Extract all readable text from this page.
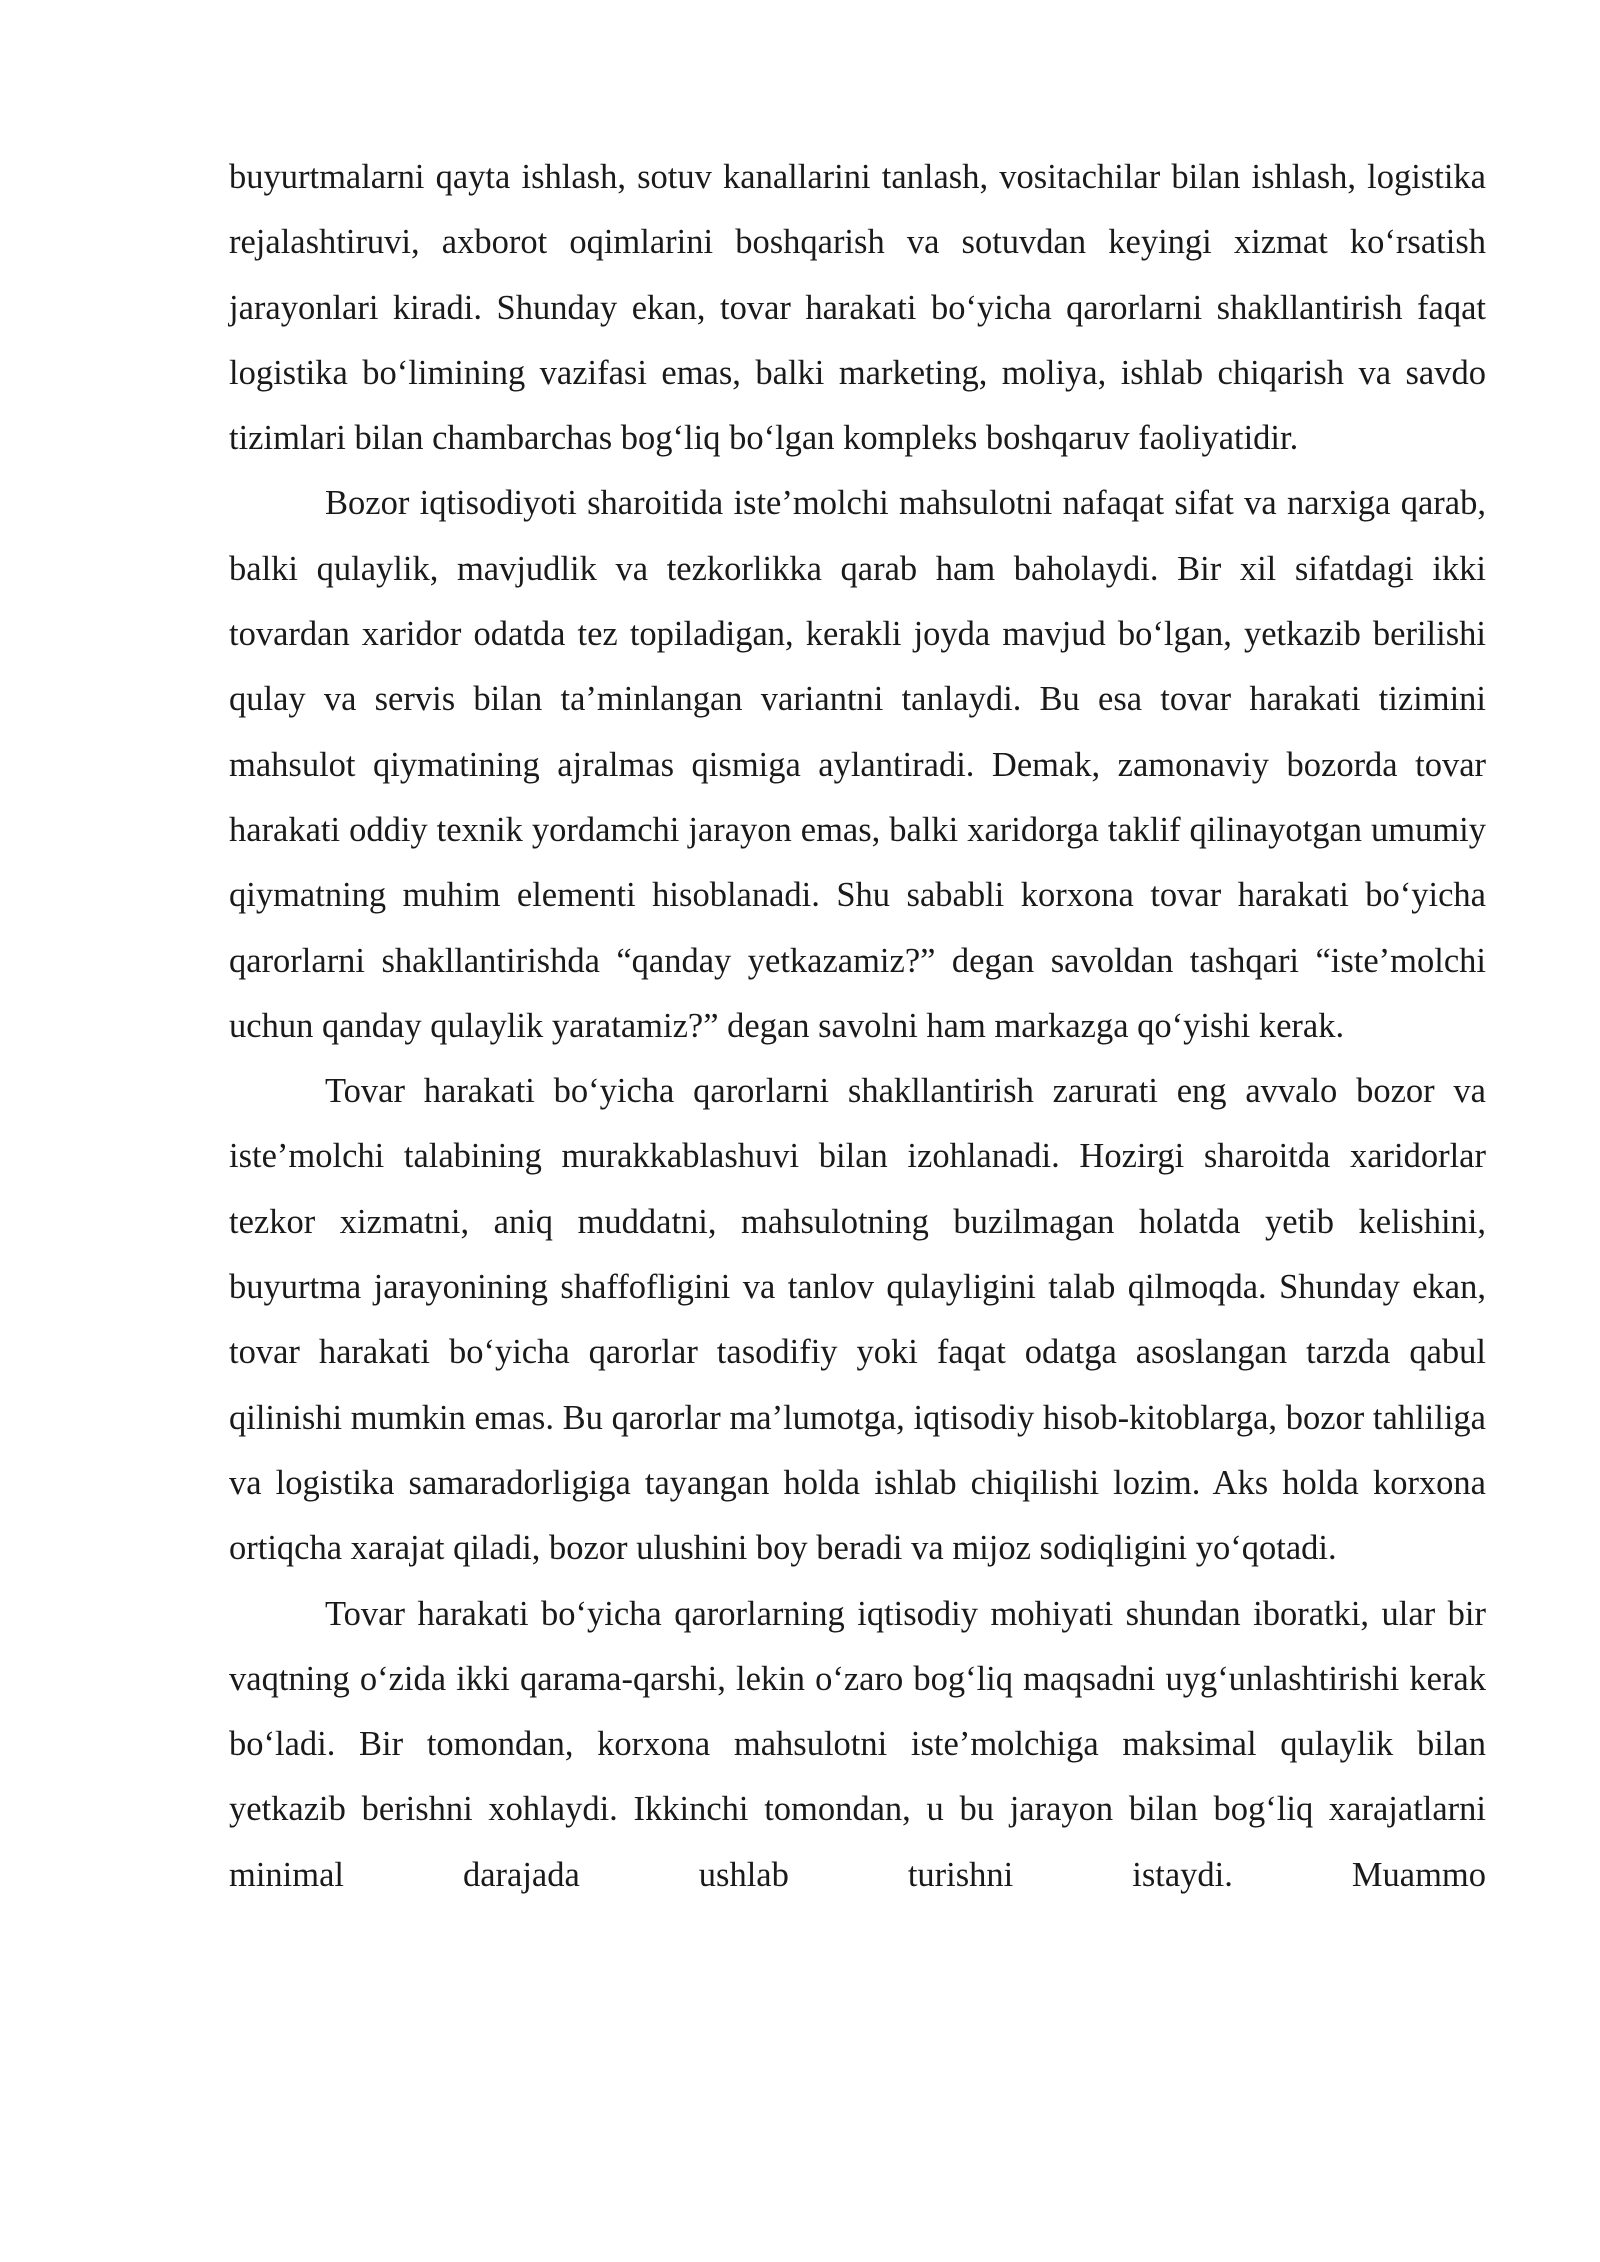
buyurtmalarni qayta ishlash, sotuv kanallarini tanlash, vositachilar bilan ishlash, logistika rejalashtiruvi, axborot oqimlarini boshqarish va sotuvdan keyingi xizmat ko‘rsatish jarayonlari kiradi. Shunday ekan, tovar harakati bo‘yicha qarorlarni shakllantirish faqat logistika bo‘limining vazifasi emas, balki marketing, moliya, ishlab chiqarish va savdo tizimlari bilan chambarchas bog‘liq bo‘lgan kompleks boshqaruv faoliyatidir.

Bozor iqtisodiyoti sharoitida iste’molchi mahsulotni nafaqat sifat va narxiga qarab, balki qulaylik, mavjudlik va tezkorlikka qarab ham baholaydi. Bir xil sifatdagi ikki tovardan xaridor odatda tez topiladigan, kerakli joyda mavjud bo‘lgan, yetkazib berilishi qulay va servis bilan ta’minlangan variantni tanlaydi. Bu esa tovar harakati tizimini mahsulot qiymatining ajralmas qismiga aylantiradi. Demak, zamonaviy bozorda tovar harakati oddiy texnik yordamchi jarayon emas, balki xaridorga taklif qilinayotgan umumiy qiymatning muhim elementi hisoblanadi. Shu sababli korxona tovar harakati bo‘yicha qarorlarni shakllantirishda “qanday yetkazamiz?” degan savoldan tashqari “iste’molchi uchun qanday qulaylik yaratamiz?” degan savolni ham markazga qo‘yishi kerak.

Tovar harakati bo‘yicha qarorlarni shakllantirish zarurati eng avvalo bozor va iste’molchi talabining murakkablashuvi bilan izohlanadi. Hozirgi sharoitda xaridorlar tezkor xizmatni, aniq muddatni, mahsulotning buzilmagan holatda yetib kelishini, buyurtma jarayonining shaffofligini va tanlov qulayligini talab qilmoqda. Shunday ekan, tovar harakati bo‘yicha qarorlar tasodifiy yoki faqat odatga asoslangan tarzda qabul qilinishi mumkin emas. Bu qarorlar ma’lumotga, iqtisodiy hisob-kitoblarga, bozor tahliliga va logistika samaradorligiga tayangan holda ishlab chiqilishi lozim. Aks holda korxona ortiqcha xarajat qiladi, bozor ulushini boy beradi va mijoz sodiqligini yo‘qotadi.

Tovar harakati bo‘yicha qarorlarning iqtisodiy mohiyati shundan iboratki, ular bir vaqtning o‘zida ikki qarama-qarshi, lekin o‘zaro bog‘liq maqsadni uyg‘unlashtirishi kerak bo‘ladi. Bir tomondan, korxona mahsulotni iste’molchiga maksimal qulaylik bilan yetkazib berishni xohlaydi. Ikkinchi tomondan, u bu jarayon bilan bog‘liq xarajatlarni minimal darajada ushlab turishni istaydi. Muammo
